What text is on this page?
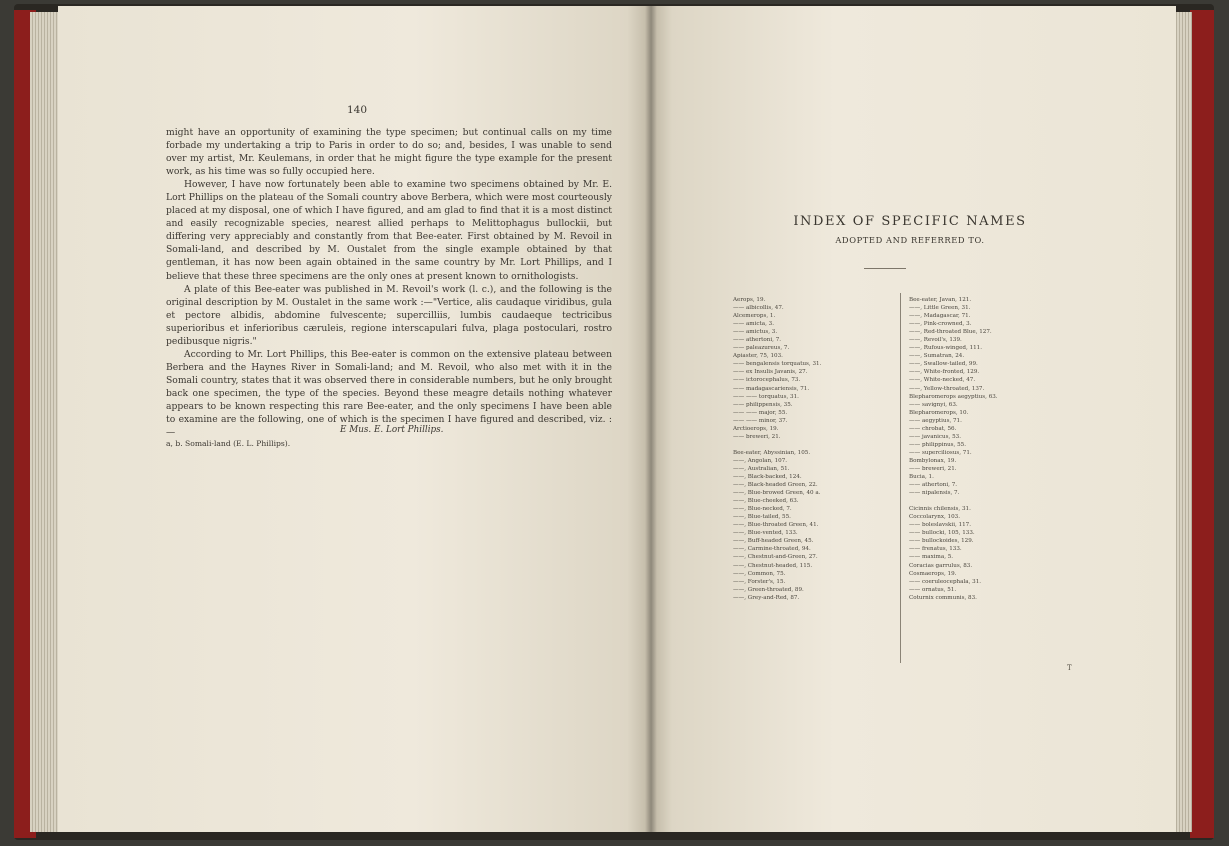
140

might have an opportunity of examining the type specimen; but continual calls on my time forbade my undertaking a trip to Paris in order to do so; and, besides, I was unable to send over my artist, Mr. Keulemans, in order that he might figure the type example for the present work, as his time was so fully occupied here.

However, I have now fortunately been able to examine two specimens obtained by Mr. E. Lort Phillips on the plateau of the Somali country above Berbera, which were most courteously placed at my disposal, one of which I have figured, and am glad to find that it is a most distinct and easily recognizable species, nearest allied perhaps to Melittophagus bullockii, but differing very appreciably and constantly from that Bee-eater. First obtained by M. Revoil in Somali-land, and described by M. Oustalet from the single example obtained by that gentleman, it has now been again obtained in the same country by Mr. Lort Phillips, and I believe that these three specimens are the only ones at present known to ornithologists.

A plate of this Bee-eater was published in M. Revoil's work (l. c.), and the following is the original description by M. Oustalet in the same work :—"Vertice, alis caudaque viridibus, gula et pectore albidis, abdomine fulvescente; supercilliis, lumbis caudaeque tectricibus superioribus et inferioribus cæruleis, regione interscapulari fulva, plaga postoculari, rostro pedibusque nigris."

According to Mr. Lort Phillips, this Bee-eater is common on the extensive plateau between Berbera and the Haynes River in Somali-land; and M. Revoil, who also met with it in the Somali country, states that it was observed there in considerable numbers, but he only brought back one specimen, the type of the species. Beyond these meagre details nothing whatever appears to be known respecting this rare Bee-eater, and the only specimens I have been able to examine are the following, one of which is the specimen I have figured and described, viz. :—	E Mus. E. Lort Phillips.
a, b. Somali-land (E. L. Phillips).
INDEX OF SPECIFIC NAMES
ADOPTED AND REFERRED TO.
Aerops, 19.
—— albicollis, 47.
Alcemerops, 1.
—— amicta, 3.
—— amictus, 3.
—— athertoni, 7.
—— paleazureus, 7.
Apiaster, 75, 103.
—— bengalensis torquatus, 31.
—— ex Insulis Javanis, 27.
—— ictorocephalus, 73.
—— madagascariensis, 71.
—— —— torquatus, 31.
—— philippensis, 35.
—— —— major, 55.
—— —— minor, 37.
Arctioerops, 19.
—— breweri, 21.
Bee-eater, Abyssinian, 105.
——, Angolan, 107.
——, Australian, 51.
——, Black-backed, 124.
——, Black-headed Green, 22.
——, Blue-browed Green, 40 a.
——, Blue-cheeked, 63.
——, Blue-necked, 7.
——, Blue-tailed, 55.
——, Blue-throated Green, 41.
——, Blue-vented, 133.
——, Buff-headed Green, 45.
——, Carmine-throated, 94.
——, Chestnut-and-Green, 27.
——, Chestnut-headed, 115.
——, Common, 75.
——, Forster's, 15.
——, Green-throated, 89.
——, Grey-and-Red, 87.
Bee-eater, Javan, 121.
——, Little Green, 31.
——, Madagascar, 71.
——, Pink-crowned, 3.
——, Red-throated Blue, 127.
——, Revoil's, 139.
——, Rufous-winged, 111.
——, Sumatran, 24.
——, Swallow-tailed, 99.
——, White-fronted, 129.
——, White-necked, 47.
——, Yellow-throated, 137.
Blepharomerops aegyptius, 63.
—— savignyi, 63.
Blepharomerops, 10.
—— aegyptius, 71.
—— chrobat, 56.
—— javanicus, 53.
—— philippinus, 55.
—— superciliosus, 71.
Bombylonax, 19.
—— breweri, 21.
Bucia, 1.
—— athertoni, 7.
—— nipalensis, 7.
Cicinnis chilensis, 31.
Coccolarynx, 103.
—— boleslavskii, 117.
—— bullocki, 105, 133.
—— bullockoides, 129.
—— frenatus, 133.
—— maxima, 5.
Coracias garrulus, 83.
Cosmaerops, 19.
—— coeruleocephala, 31.
—— ornatus, 51.
Coturnix communis, 83.
T
